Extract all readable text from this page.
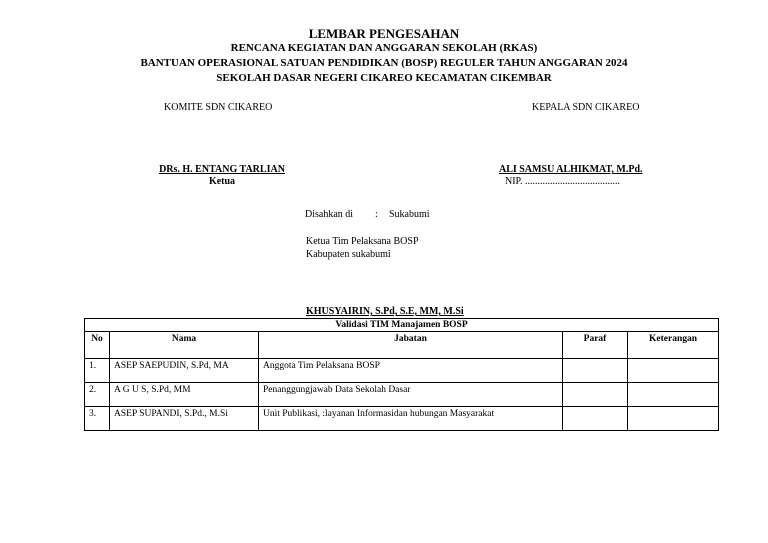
LEMBAR PENGESAHAN
RENCANA KEGIATAN DAN ANGGARAN SEKOLAH (RKAS)
BANTUAN OPERASIONAL SATUAN PENDIDIKAN (BOSP) REGULER TAHUN ANGGARAN 2024
SEKOLAH DASAR NEGERI CIKAREO KECAMATAN CIKEMBAR
KOMITE SDN CIKAREO	KEPALA SDN CIKAREO
DRs. H. ENTANG TARLIAN
Ketua
ALI SAMSU ALHIKMAT, M.Pd.
NIP. ......................................
Disahkan di : Sukabumi
Ketua Tim Pelaksana BOSP
Kabupaten sukabumi
KHUSYAIRIN, S.Pd, S.E, MM, M.Si
Validasi TIM Manajamen BOSP				
No	Nama	Jabatan	Paraf	Keterangan
1.	ASEP SAEPUDIN, S.Pd, MA	Anggota Tim Pelaksana BOSP		
2.	A G U S, S.Pd, MM	Penanggungjawab Data Sekolah Dasar		
3.	ASEP SUPANDI, S.Pd., M.Si	Unit Publikasi, :layanan Informasidan hubungan Masyarakat		
